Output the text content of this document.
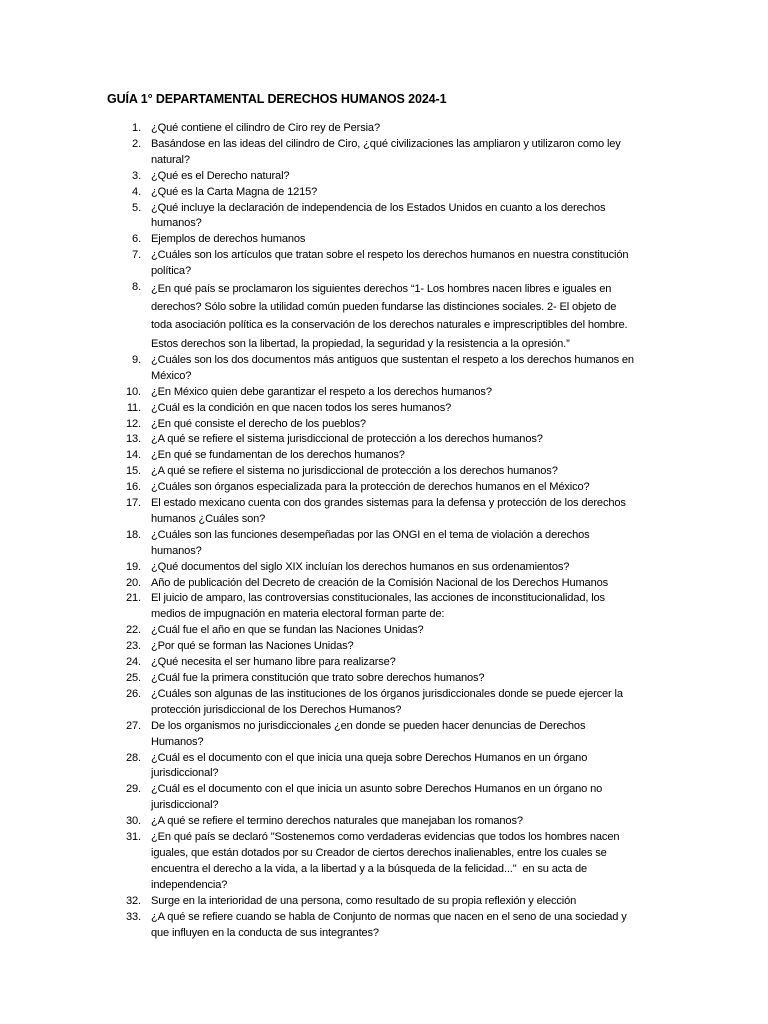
GUÍA 1° DEPARTAMENTAL DERECHOS HUMANOS 2024-1
1. ¿Qué contiene el cilindro de Ciro rey de Persia?
2. Basándose en las ideas del cilindro de Ciro, ¿qué civilizaciones las ampliaron y utilizaron como ley
natural?
3. ¿Qué es el Derecho natural?
4. ¿Qué es la Carta Magna de 1215?
5. ¿Qué incluye la declaración de independencia de los Estados Unidos en cuanto a los derechos
humanos?
6. Ejemplos de derechos humanos
7. ¿Cuáles son los artículos que tratan sobre el respeto los derechos humanos en nuestra constitución
política?
8. ¿En qué país se proclamaron los siguientes derechos “1- Los hombres nacen libres e iguales en
derechos? Sólo sobre la utilidad común pueden fundarse las distinciones sociales. 2- El objeto de
toda asociación política es la conservación de los derechos naturales e imprescriptibles del hombre.
Estos derechos son la libertad, la propiedad, la seguridad y la resistencia a la opresión.”
9. ¿Cuáles son los dos documentos más antiguos que sustentan el respeto a los derechos humanos en
México?
10. ¿En México quien debe garantizar el respeto a los derechos humanos?
11. ¿Cuál es la condición en que nacen todos los seres humanos?
12. ¿En qué consiste el derecho de los pueblos?
13. ¿A qué se refiere el sistema jurisdiccional de protección a los derechos humanos?
14. ¿En qué se fundamentan de los derechos humanos?
15. ¿A qué se refiere el sistema no jurisdiccional de protección a los derechos humanos?
16. ¿Cuáles son órganos especializada para la protección de derechos humanos en el México?
17. El estado mexicano cuenta con dos grandes sistemas para la defensa y protección de los derechos
humanos ¿Cuáles son?
18. ¿Cuáles son las funciones desempeñadas por las ONGI en el tema de violación a derechos
humanos?
19. ¿Qué documentos del siglo XIX incluían los derechos humanos en sus ordenamientos?
20. Año de publicación del Decreto de creación de la Comisión Nacional de los Derechos Humanos
21. El juicio de amparo, las controversias constitucionales, las acciones de inconstitucionalidad, los
medios de impugnación en materia electoral forman parte de:
22. ¿Cuál fue el año en que se fundan las Naciones Unidas?
23. ¿Por qué se forman las Naciones Unidas?
24. ¿Qué necesita el ser humano libre para realizarse?
25. ¿Cuál fue la primera constitución que trato sobre derechos humanos?
26. ¿Cuáles son algunas de las instituciones de los órganos jurisdiccionales donde se puede ejercer la
protección jurisdiccional de los Derechos Humanos?
27. De los organismos no jurisdiccionales ¿en donde se pueden hacer denuncias de Derechos
Humanos?
28. ¿Cuál es el documento con el que inicia una queja sobre Derechos Humanos en un órgano
jurisdiccional?
29. ¿Cuál es el documento con el que inicia un asunto sobre Derechos Humanos en un órgano no
jurisdiccional?
30. ¿A qué se refiere el termino derechos naturales que manejaban los romanos?
31. ¿En qué país se declaró "Sostenemos como verdaderas evidencias que todos los hombres nacen
iguales, que están dotados por su Creador de ciertos derechos inalienables, entre los cuales se
encuentra el derecho a la vida, a la libertad y a la búsqueda de la felicidad..."  en su acta de
independencia?
32. Surge en la interioridad de una persona, como resultado de su propia reflexión y elección
33. ¿A qué se refiere cuando se habla de Conjunto de normas que nacen en el seno de una sociedad y
que influyen en la conducta de sus integrantes?
